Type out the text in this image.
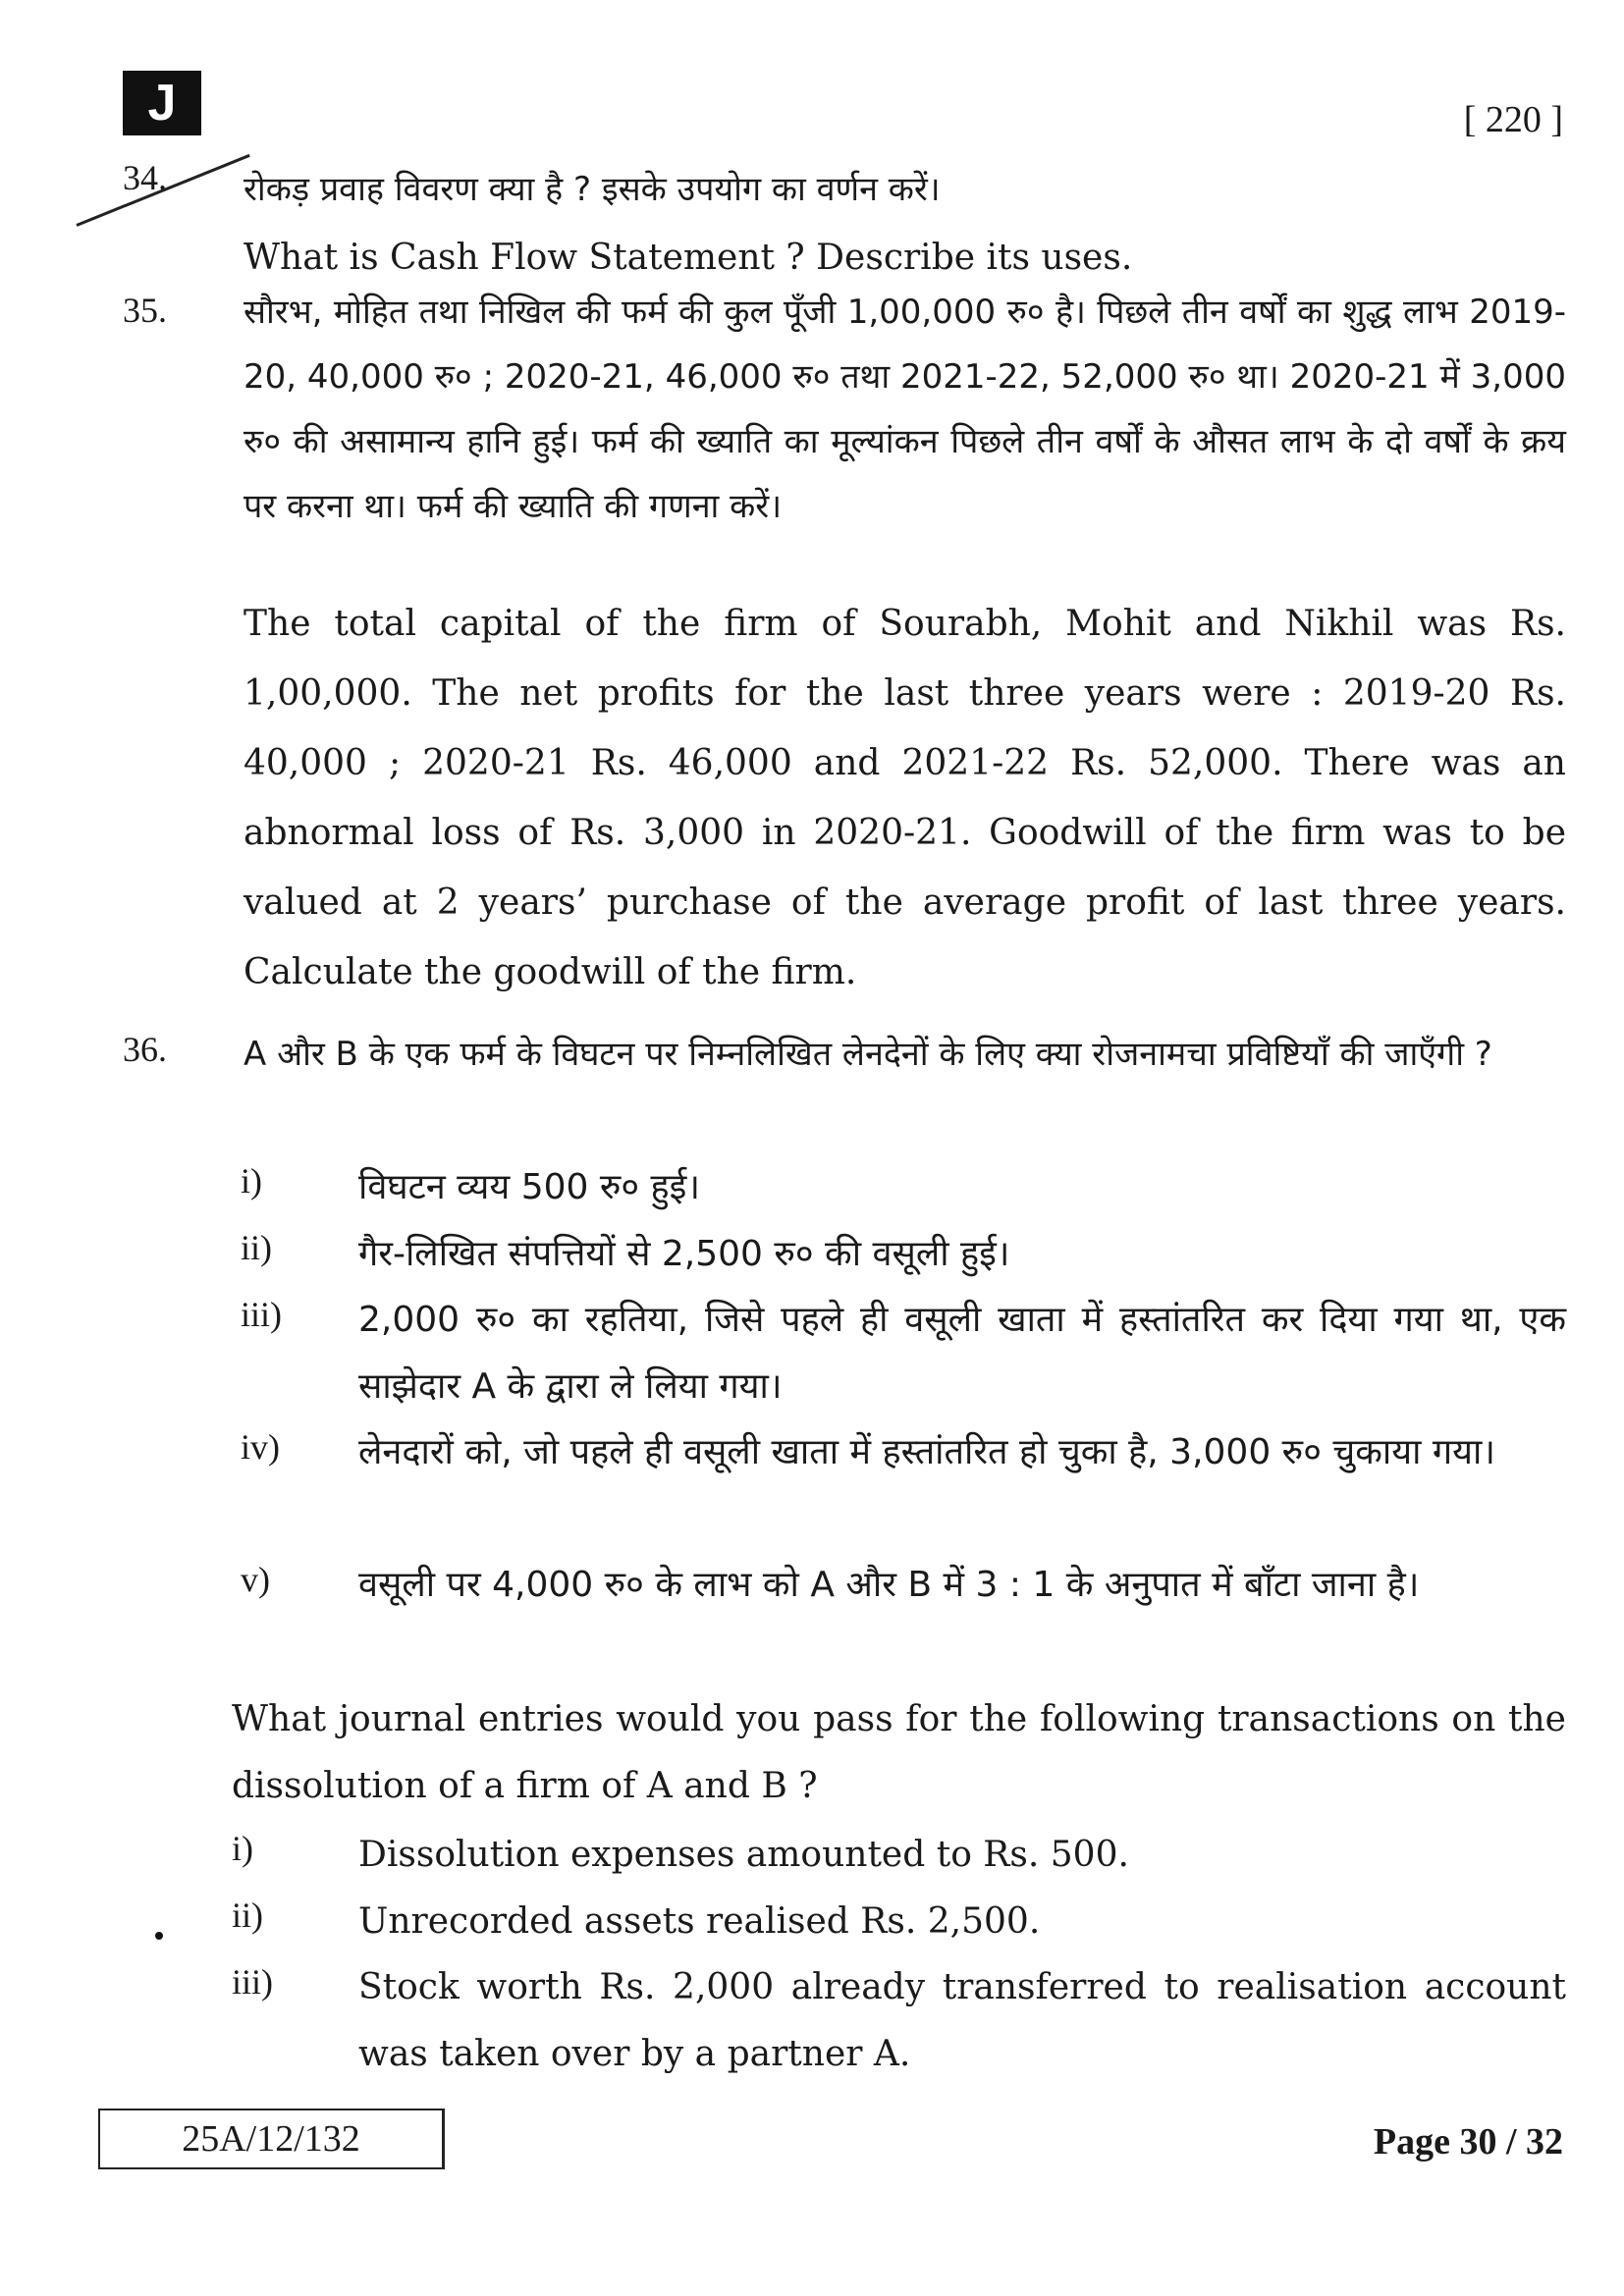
J	[ 220 ]
34. रोकड़ प्रवाह विवरण क्या है ? इसके उपयोग का वर्णन करें।
What is Cash Flow Statement ? Describe its uses.
35. सौरभ, मोहित तथा निखिल की फर्म की कुल पूँजी 1,00,000 रु० है। पिछले तीन वर्षों का शुद्ध लाभ 2019-20, 40,000 रु० ; 2020-21, 46,000 रु० तथा 2021-22, 52,000 रु० था। 2020-21 में 3,000 रु० की असामान्य हानि हुई। फर्म की ख्याति का मूल्यांकन पिछले तीन वर्षों के औसत लाभ के दो वर्षों के क्रय पर करना था। फर्म की ख्याति की गणना करें।
The total capital of the firm of Sourabh, Mohit and Nikhil was Rs. 1,00,000. The net profits for the last three years were : 2019-20 Rs. 40,000 ; 2020-21 Rs. 46,000 and 2021-22 Rs. 52,000. There was an abnormal loss of Rs. 3,000 in 2020-21. Goodwill of the firm was to be valued at 2 years’ purchase of the average profit of last three years. Calculate the goodwill of the firm.
36. A और B के एक फर्म के विघटन पर निम्नलिखित लेनदेनों के लिए क्या रोजनामचा प्रविष्टियाँ की जाएँगी ?
i)	विघटन व्यय 500 रु० हुई।
ii) गैर-लिखित संपत्तियों से 2,500 रु० की वसूली हुई।
iii) 2,000 रु० का रहतिया, जिसे पहले ही वसूली खाता में हस्तांतरित कर दिया गया था, एक साझेदार A के द्वारा ले लिया गया।
iv) लेनदारों को, जो पहले ही वसूली खाता में हस्तांतरित हो चुका है, 3,000 रु० चुकाया गया।
v)	वसूली पर 4,000 रु० के लाभ को A और B में 3 : 1 के अनुपात में बाँटा जाना है।
What journal entries would you pass for the following transactions on the dissolution of a firm of A and B ?
i)	Dissolution expenses amounted to Rs. 500.
ii)	Unrecorded assets realised Rs. 2,500.
iii) Stock worth Rs. 2,000 already transferred to realisation account was taken over by a partner A.
25A/12/132	Page 30 / 32
